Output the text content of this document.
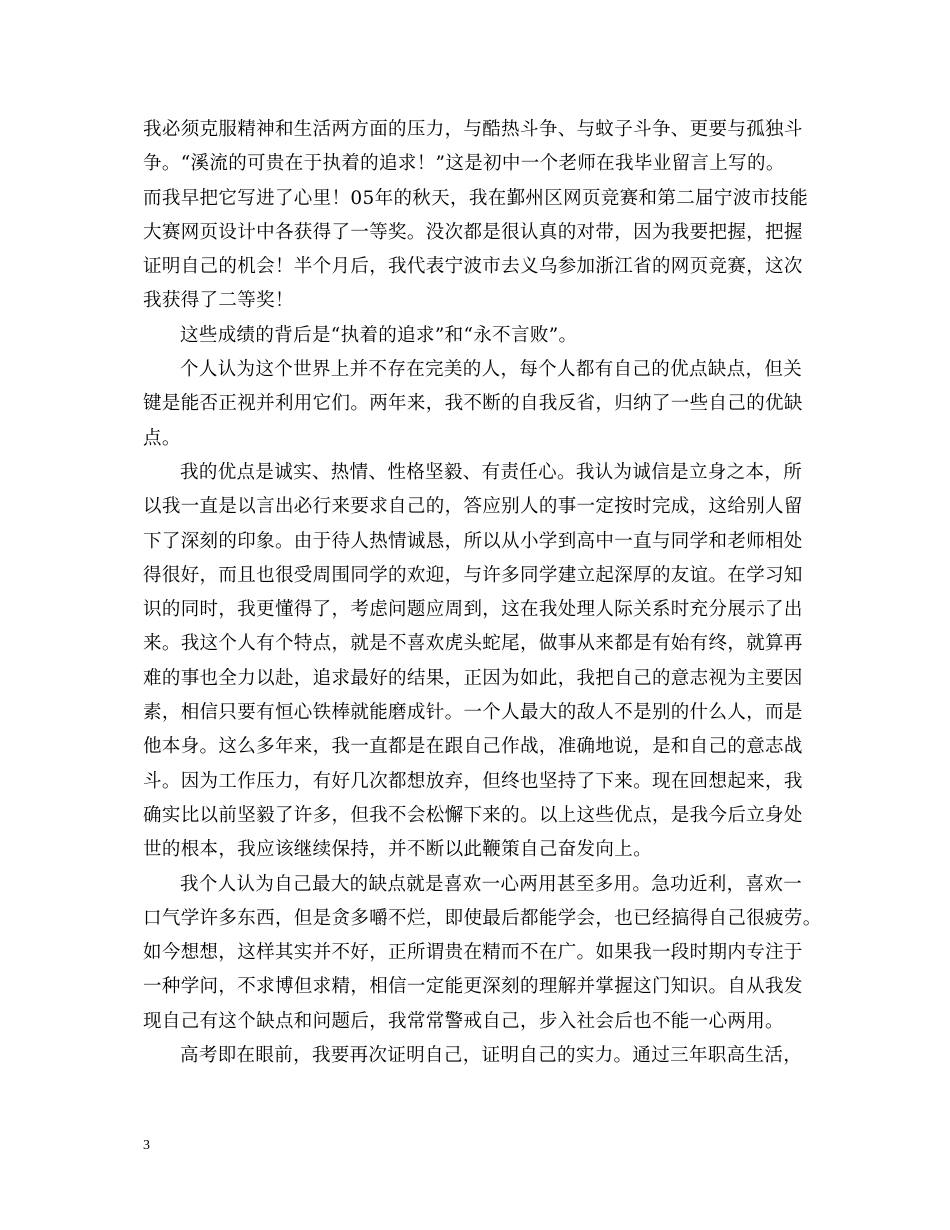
我必须克服精神和生活两方面的压力，与酷热斗争、与蚊子斗争、更要与孤独斗
争。“溪流的可贵在于执着的追求！”这是初中一个老师在我毕业留言上写的。
而我早把它写进了心里！05年的秋天，我在鄞州区网页竞赛和第二届宁波市技能
大赛网页设计中各获得了一等奖。没次都是很认真的对带，因为我要把握，把握
证明自己的机会！半个月后，我代表宁波市去义乌参加浙江省的网页竞赛，这次
我获得了二等奖！
这些成绩的背后是“执着的追求”和“永不言败”。
个人认为这个世界上并不存在完美的人，每个人都有自己的优点缺点，但关
键是能否正视并利用它们。两年来，我不断的自我反省，归纳了一些自己的优缺
点。
我的优点是诚实、热情、性格坚毅、有责任心。我认为诚信是立身之本，所
以我一直是以言出必行来要求自己的，答应别人的事一定按时完成，这给别人留
下了深刻的印象。由于待人热情诚恳，所以从小学到高中一直与同学和老师相处
得很好，而且也很受周围同学的欢迎，与许多同学建立起深厚的友谊。在学习知
识的同时，我更懂得了，考虑问题应周到，这在我处理人际关系时充分展示了出
来。我这个人有个特点，就是不喜欢虎头蛇尾，做事从来都是有始有终，就算再
难的事也全力以赴，追求最好的结果，正因为如此，我把自己的意志视为主要因
素，相信只要有恒心铁棒就能磨成针。一个人最大的敌人不是别的什么人，而是
他本身。这么多年来，我一直都是在跟自己作战，准确地说，是和自己的意志战
斗。因为工作压力，有好几次都想放弃，但终也坚持了下来。现在回想起来，我
确实比以前坚毅了许多，但我不会松懈下来的。以上这些优点，是我今后立身处
世的根本，我应该继续保持，并不断以此鞭策自己奋发向上。
我个人认为自己最大的缺点就是喜欢一心两用甚至多用。急功近利，喜欢一
口气学许多东西，但是贪多嚼不烂，即使最后都能学会，也已经搞得自己很疲劳。
如今想想，这样其实并不好，正所谓贵在精而不在广。如果我一段时期内专注于
一种学问，不求博但求精，相信一定能更深刻的理解并掌握这门知识。自从我发
现自己有这个缺点和问题后，我常常警戒自己，步入社会后也不能一心两用。
高考即在眼前，我要再次证明自己，证明自己的实力。通过三年职高生活，
3
